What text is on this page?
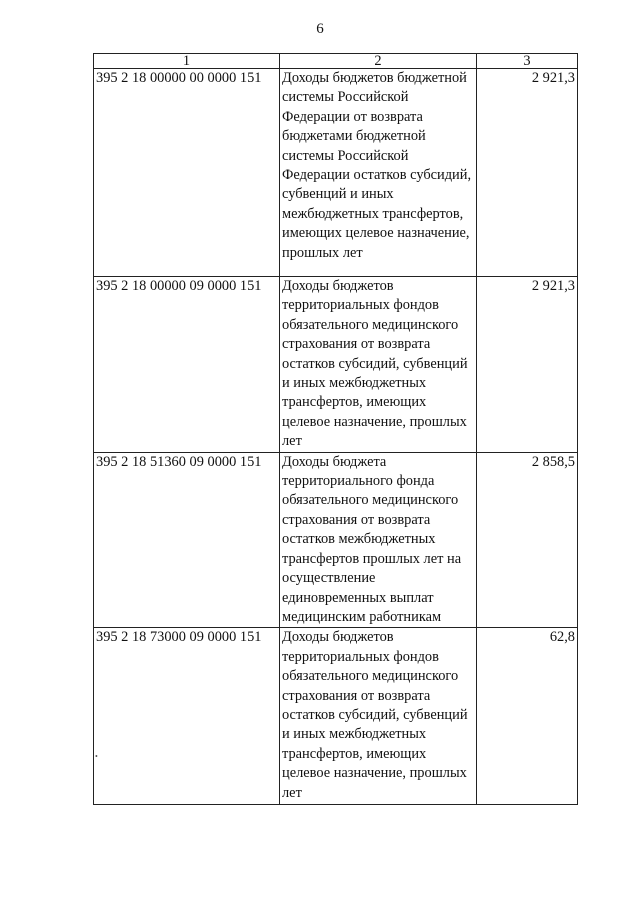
6
1	2	3
395 2 18 00000 00 0000 151	Доходы бюджетов бюджетной системы Российской Федерации от возврата бюджетами бюджетной системы Российской Федерации остатков субсидий, субвенций и иных межбюджетных трансфертов, имеющих целевое назначение, прошлых лет	2 921,3
395 2 18 00000 09 0000 151	Доходы бюджетов территориальных фондов обязательного медицинского страхования от возврата остатков субсидий, субвенций и иных межбюджетных трансфертов, имеющих целевое назначение, прошлых лет	2 921,3
395 2 18 51360 09 0000 151	Доходы бюджета территориального фонда обязательного медицинского страхования от возврата остатков межбюджетных трансфертов прошлых лет на осуществление единовременных выплат медицинским работникам	2 858,5
395 2 18 73000 09 0000 151	Доходы бюджетов территориальных фондов обязательного медицинского страхования от возврата остатков субсидий, субвенций и иных межбюджетных трансфертов, имеющих целевое назначение, прошлых лет	62,8
•
